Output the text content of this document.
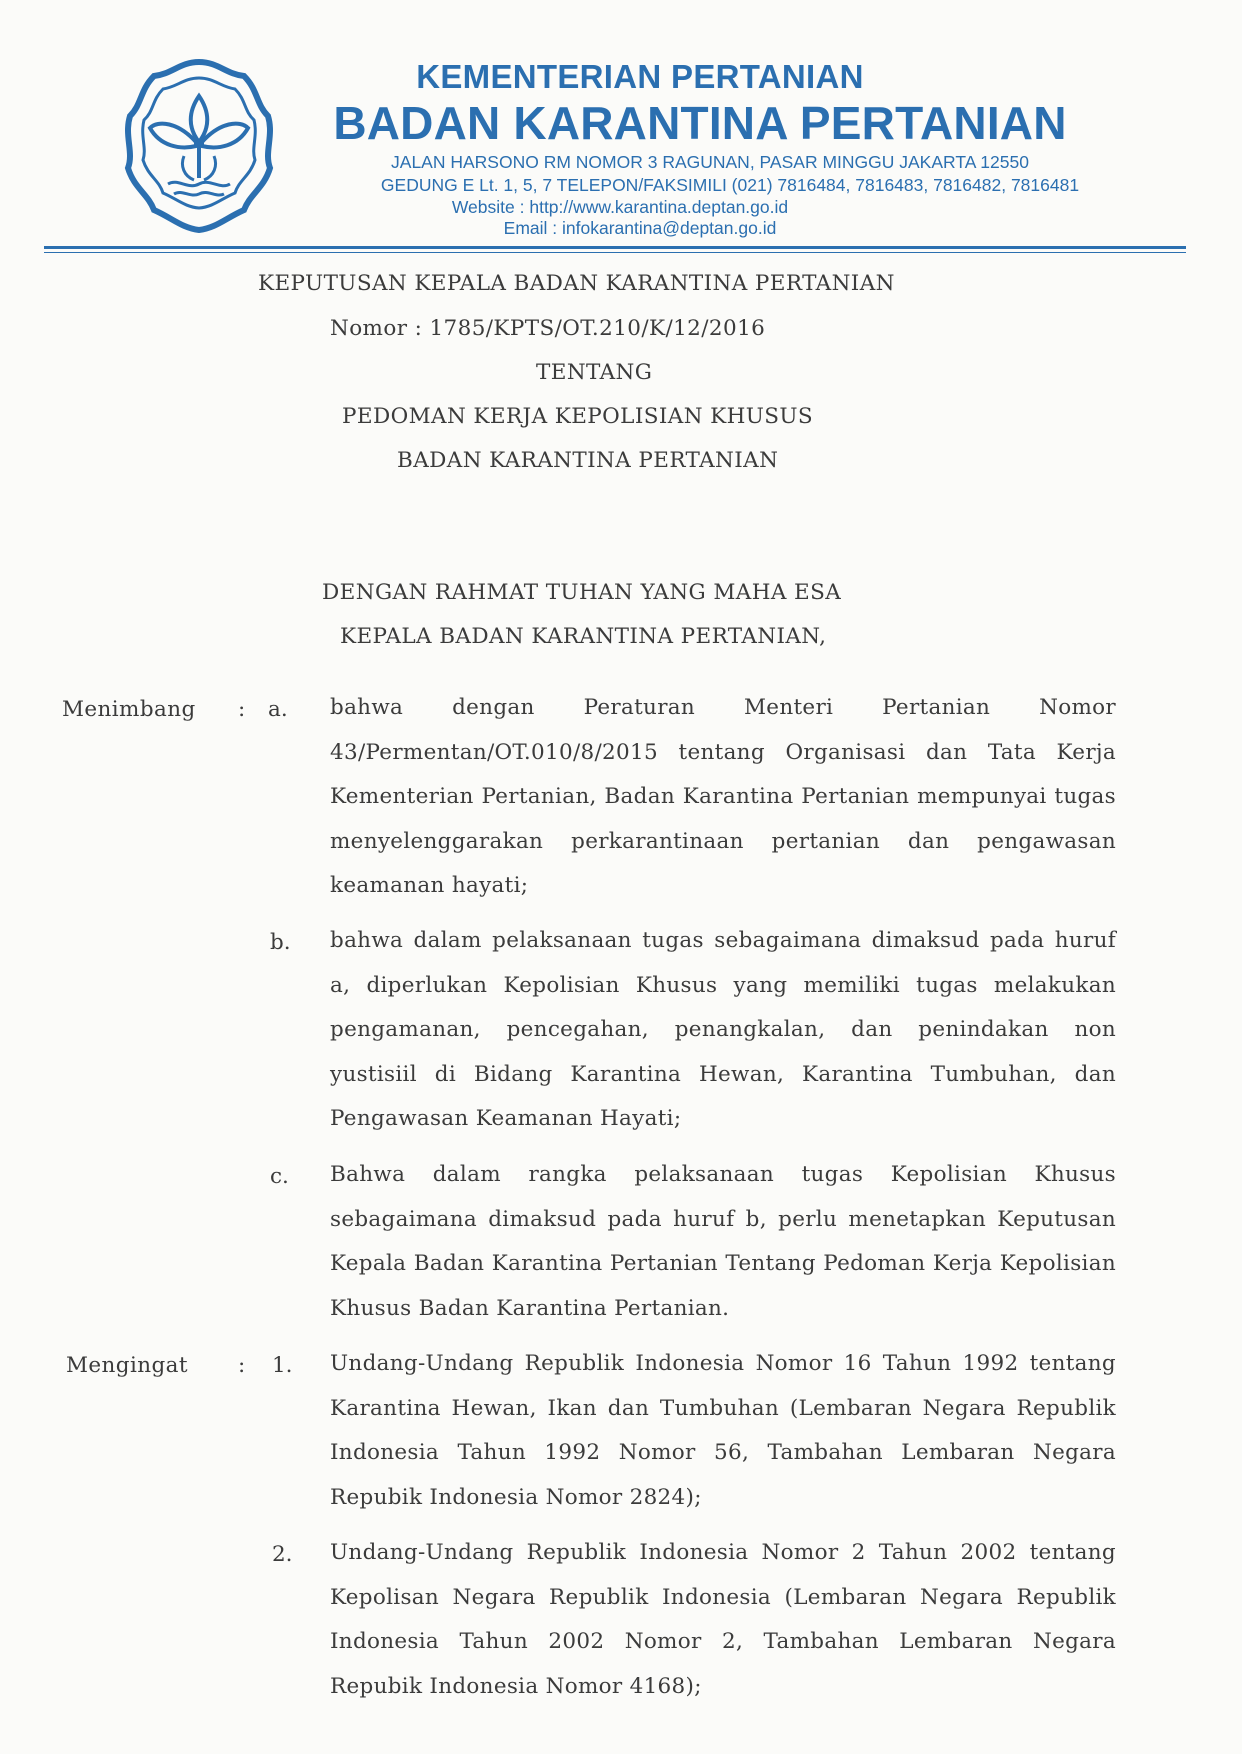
KEMENTERIAN PERTANIAN
BADAN KARANTINA PERTANIAN
JALAN HARSONO RM NOMOR 3 RAGUNAN, PASAR MINGGU JAKARTA 12550
GEDUNG E Lt. 1, 5, 7 TELEPON/FAKSIMILI (021) 7816484, 7816483, 7816482, 7816481
Website : http://www.karantina.deptan.go.id
Email : infokarantina@deptan.go.id
KEPUTUSAN KEPALA BADAN KARANTINA PERTANIAN
Nomor : 1785/KPTS/OT.210/K/12/2016
TENTANG
PEDOMAN KERJA KEPOLISIAN KHUSUS
BADAN KARANTINA PERTANIAN
DENGAN RAHMAT TUHAN YANG MAHA ESA
KEPALA BADAN KARANTINA PERTANIAN,
Menimbang : a. bahwa dengan Peraturan Menteri Pertanian Nomor 43/Permentan/OT.010/8/2015 tentang Organisasi dan Tata Kerja Kementerian Pertanian, Badan Karantina Pertanian mempunyai tugas menyelenggarakan perkarantinaan pertanian dan pengawasan keamanan hayati;
b. bahwa dalam pelaksanaan tugas sebagaimana dimaksud pada huruf a, diperlukan Kepolisian Khusus yang memiliki tugas melakukan pengamanan, pencegahan, penangkalan, dan penindakan non yustisiil di Bidang Karantina Hewan, Karantina Tumbuhan, dan Pengawasan Keamanan Hayati;
c. Bahwa dalam rangka pelaksanaan tugas Kepolisian Khusus sebagaimana dimaksud pada huruf b, perlu menetapkan Keputusan Kepala Badan Karantina Pertanian Tentang Pedoman Kerja Kepolisian Khusus Badan Karantina Pertanian.
Mengingat : 1. Undang-Undang Republik Indonesia Nomor 16 Tahun 1992 tentang Karantina Hewan, Ikan dan Tumbuhan (Lembaran Negara Republik Indonesia Tahun 1992 Nomor 56, Tambahan Lembaran Negara Repubik Indonesia Nomor 2824);
2. Undang-Undang Republik Indonesia Nomor 2 Tahun 2002 tentang Kepolisan Negara Republik Indonesia (Lembaran Negara Republik Indonesia Tahun 2002 Nomor 2, Tambahan Lembaran Negara Repubik Indonesia Nomor 4168);
